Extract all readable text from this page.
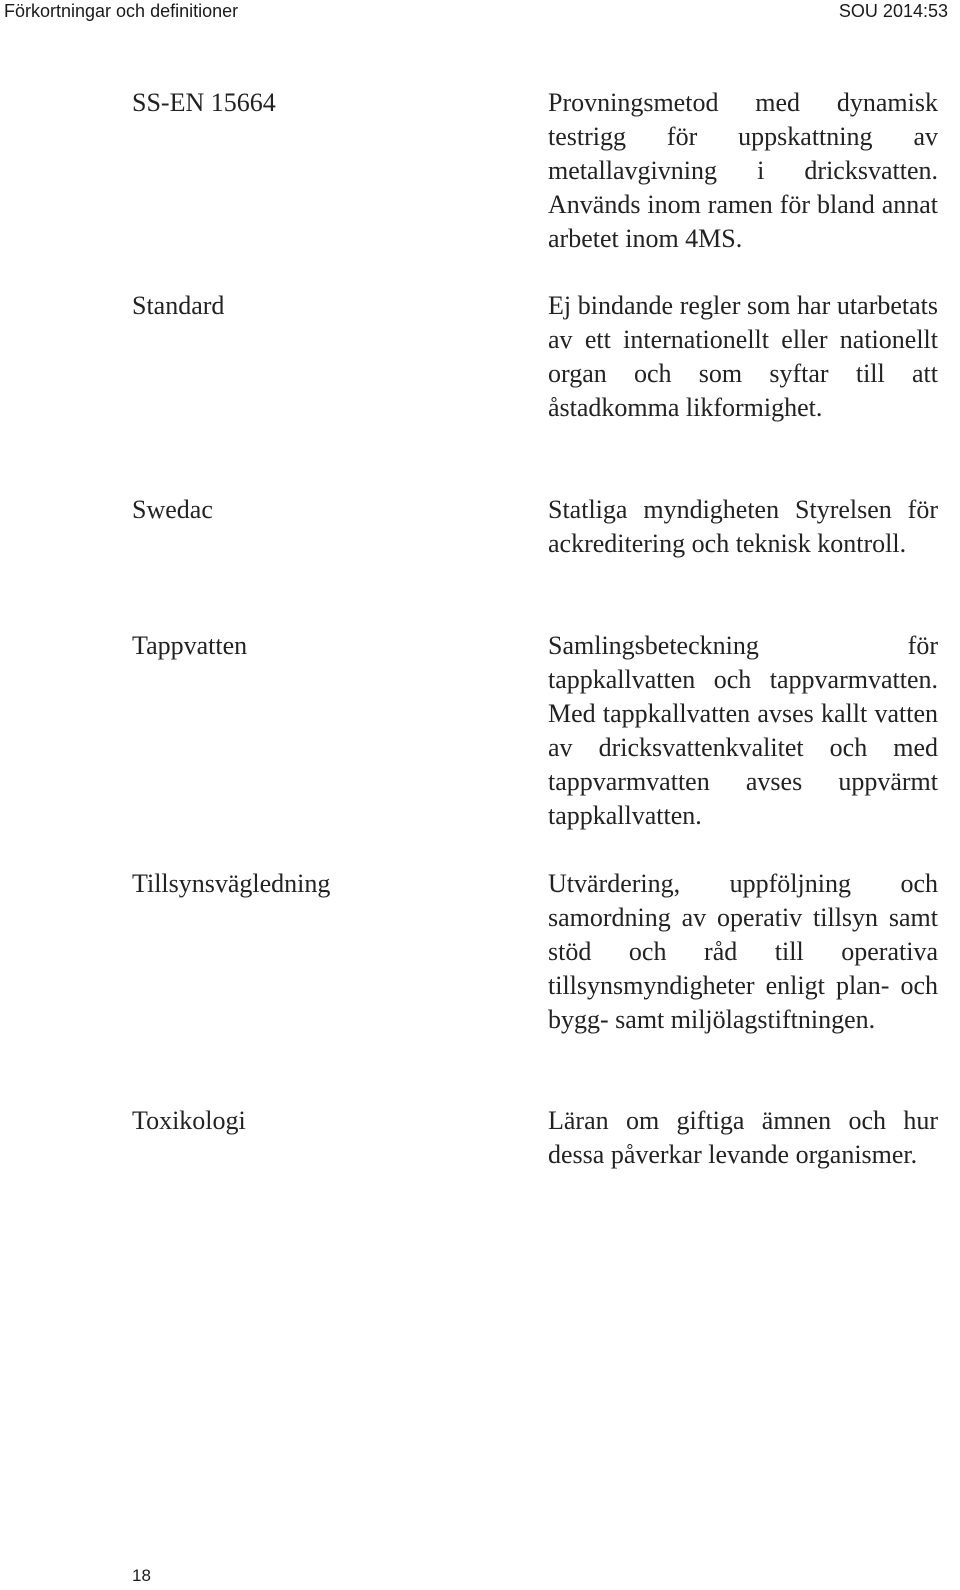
Förkortningar och definitioner	SOU 2014:53
SS-EN 15664	Provningsmetod med dynamisk testrigg för uppskattning av metallavgivning i dricksvatten. Används inom ramen för bland annat arbetet inom 4MS.
Standard	Ej bindande regler som har utarbetats av ett internationellt eller nationellt organ och som syftar till att åstadkomma likformighet.
Swedac	Statliga myndigheten Styrelsen för ackreditering och teknisk kontroll.
Tappvatten	Samlingsbeteckning för tappkallvatten och tappvarmvatten. Med tappkallvatten avses kallt vatten av dricksvattenkvalitet och med tappvarmvatten avses uppvärmt tappkallvatten.
Tillsynsvägledning	Utvärdering, uppföljning och samordning av operativ tillsyn samt stöd och råd till operativa tillsynsmyndigheter enligt plan- och bygg- samt miljölagstiftningen.
Toxikologi	Läran om giftiga ämnen och hur dessa påverkar levande organismer.
18
